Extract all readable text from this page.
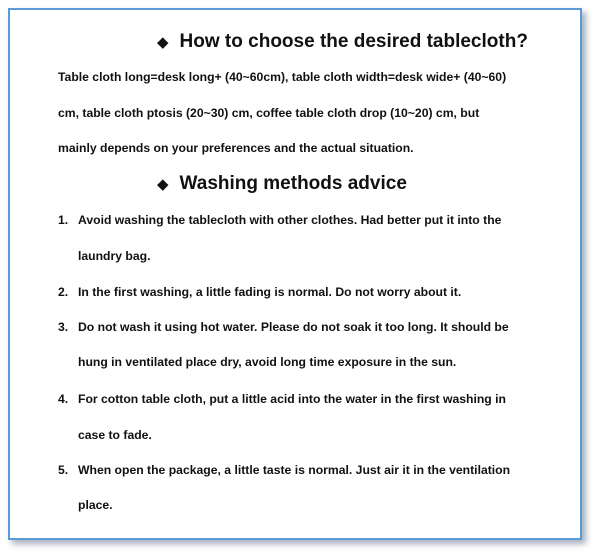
◆ How to choose the desired tablecloth?
Table cloth long=desk long+ (40~60cm), table cloth width=desk wide+ (40~60)
cm, table cloth ptosis (20~30) cm, coffee table cloth drop (10~20) cm, but
mainly depends on your preferences and the actual situation.
◆ Washing methods advice
1. Avoid washing the tablecloth with other clothes. Had better put it into the
laundry bag.
2. In the first washing, a little fading is normal. Do not worry about it.
3. Do not wash it using hot water. Please do not soak it too long. It should be
hung in ventilated place dry, avoid long time exposure in the sun.
4. For cotton table cloth, put a little acid into the water in the first washing in
case to fade.
5. When open the package, a little taste is normal. Just air it in the ventilation
place.
